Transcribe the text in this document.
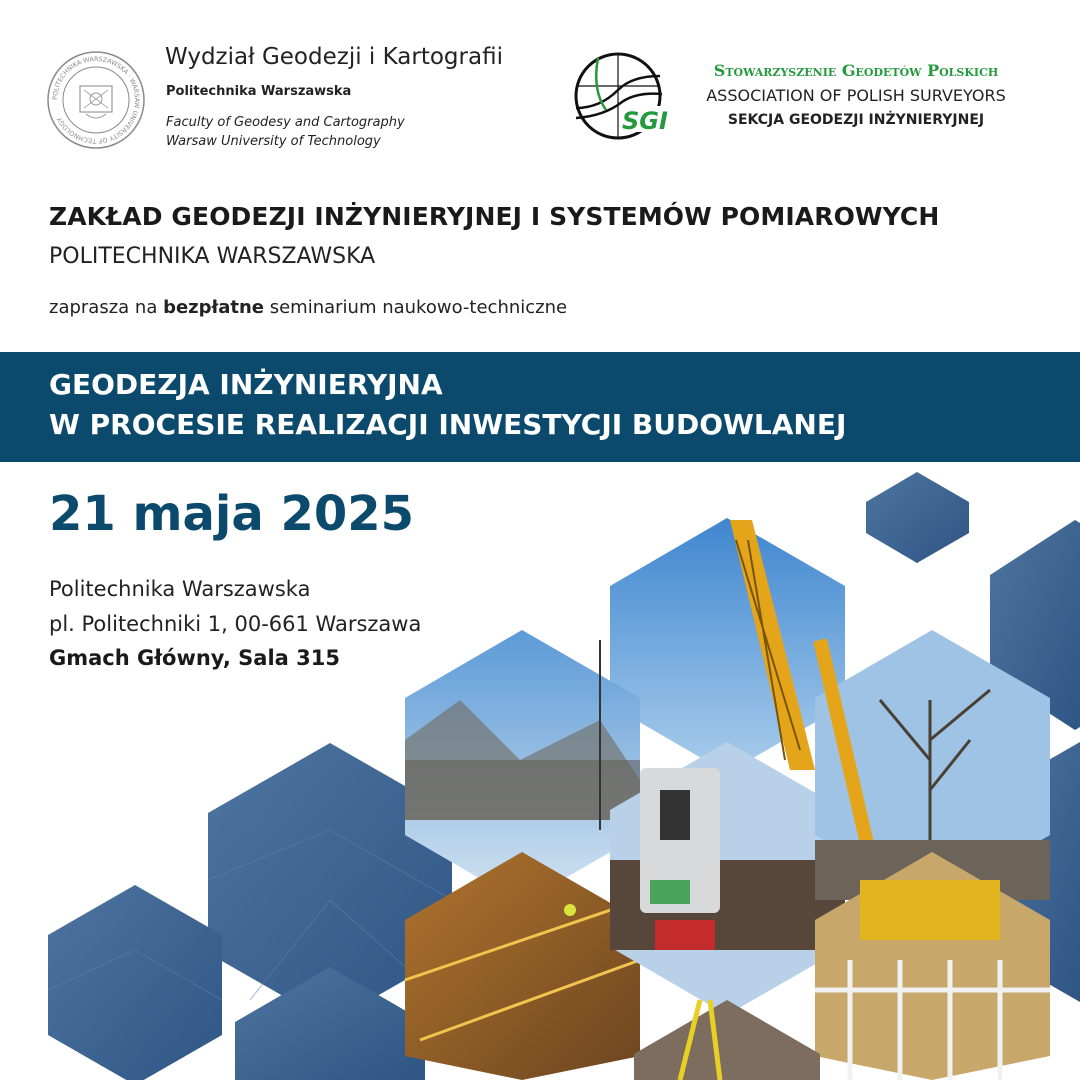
POLITECHNIKA WARSZAWSKA · WARSAW UNIVERSITY OF TECHNOLOGY
Wydział Geodezji i Kartografii
Politechnika Warszawska
Faculty of Geodesy and Cartography
Warsaw University of Technology
SGI
Stowarzyszenie Geodetów Polskich
ASSOCIATION OF POLISH SURVEYORS
SEKCJA GEODEZJI INŻYNIERYJNEJ
ZAKŁAD GEODEZJI INŻYNIERYJNEJ I SYSTEMÓW POMIAROWYCH
POLITECHNIKA WARSZAWSKA
zaprasza na bezpłatne seminarium naukowo-techniczne
GEODEZJA INŻYNIERYJNA
W PROCESIE REALIZACJI INWESTYCJI BUDOWLANEJ
21 maja 2025
Politechnika Warszawska
pl. Politechniki 1, 00-661 Warszawa
Gmach Główny, Sala 315
